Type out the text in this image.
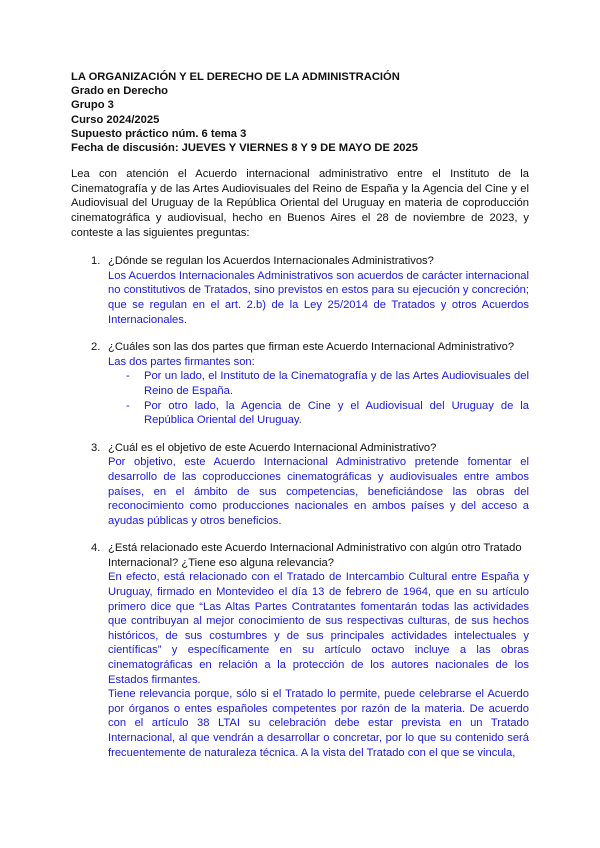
LA ORGANIZACIÓN Y EL DERECHO DE LA ADMINISTRACIÓN
Grado en Derecho
Grupo 3
Curso 2024/2025
Supuesto práctico núm. 6 tema 3
Fecha de discusión: JUEVES Y VIERNES 8 Y 9 DE MAYO DE 2025

Lea con atención el Acuerdo internacional administrativo entre el Instituto de la Cinematografía y de las Artes Audiovisuales del Reino de España y la Agencia del Cine y el Audiovisual del Uruguay de la República Oriental del Uruguay en materia de coproducción cinematográfica y audiovisual, hecho en Buenos Aires el 28 de noviembre de 2023, y conteste a las siguientes preguntas:

1. ¿Dónde se regulan los Acuerdos Internacionales Administrativos?
Los Acuerdos Internacionales Administrativos son acuerdos de carácter internacional no constitutivos de Tratados, sino previstos en estos para su ejecución y concreción; que se regulan en el art. 2.b) de la Ley 25/2014 de Tratados y otros Acuerdos Internacionales.
2. ¿Cuáles son las dos partes que firman este Acuerdo Internacional Administrativo?
Las dos partes firmantes son:
- Por un lado, el Instituto de la Cinematografía y de las Artes Audiovisuales del Reino de España.
- Por otro lado, la Agencia de Cine y el Audiovisual del Uruguay de la República Oriental del Uruguay.
3. ¿Cuál es el objetivo de este Acuerdo Internacional Administrativo?
Por objetivo, este Acuerdo Internacional Administrativo pretende fomentar el desarrollo de las coproducciones cinematográficas y audiovisuales entre ambos países, en el ámbito de sus competencias, beneficiándose las obras del reconocimiento como producciones nacionales en ambos países y del acceso a ayudas públicas y otros beneficios.
4. ¿Está relacionado este Acuerdo Internacional Administrativo con algún otro Tratado Internacional? ¿Tiene eso alguna relevancia?

En efecto, está relacionado con el Tratado de Intercambio Cultural entre España y Uruguay, firmado en Montevideo el día 13 de febrero de 1964, que en su artículo primero dice que “Las Altas Partes Contratantes fomentarán todas las actividades que contribuyan al mejor conocimiento de sus respectivas culturas, de sus hechos históricos, de sus costumbres y de sus principales actividades intelectuales y científicas” y específicamente en su artículo octavo incluye a las obras cinematográficas en relación a la protección de los autores nacionales de los Estados firmantes.

Tiene relevancia porque, sólo si el Tratado lo permite, puede celebrarse el Acuerdo por órganos o entes españoles competentes por razón de la materia. De acuerdo con el artículo 38 LTAI su celebración debe estar prevista en un Tratado Internacional, al que vendrán a desarrollar o concretar, por lo que su contenido será frecuentemente de naturaleza técnica. A la vista del Tratado con el que se vincula,
